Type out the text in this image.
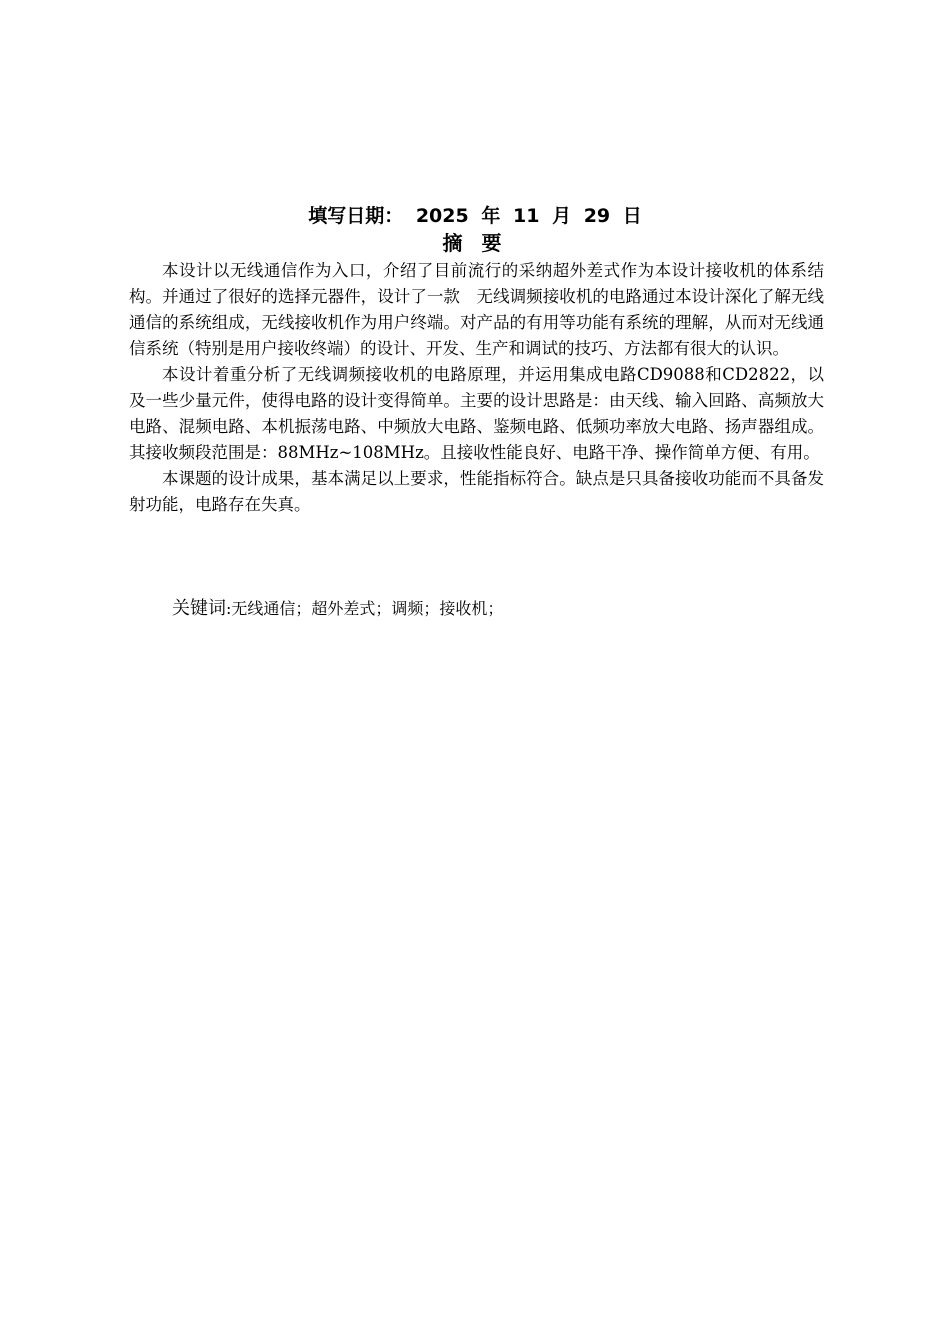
填写日期： 2025 年 11 月 29 日
摘 要

本设计以无线通信作为入口，介绍了目前流行的采纳超外差式作为本设计接收机的体系结构。并通过了很好的选择元器件，设计了一款　无线调频接收机的电路通过本设计深化了解无线通信的系统组成，无线接收机作为用户终端。对产品的有用等功能有系统的理解，从而对无线通信系统（特别是用户接收终端）的设计、开发、生产和调试的技巧、方法都有很大的认识。

本设计着重分析了无线调频接收机的电路原理，并运用集成电路CD9088和CD2822，以及一些少量元件，使得电路的设计变得简单。主要的设计思路是：由天线、输入回路、高频放大电路、混频电路、本机振荡电路、中频放大电路、鉴频电路、低频功率放大电路、扬声器组成。其接收频段范围是：88MHz~108MHz。且接收性能良好、电路干净、操作简单方便、有用。

本课题的设计成果，基本满足以上要求，性能指标符合。缺点是只具备接收功能而不具备发射功能，电路存在失真。

关键词:无线通信；超外差式；调频；接收机；
